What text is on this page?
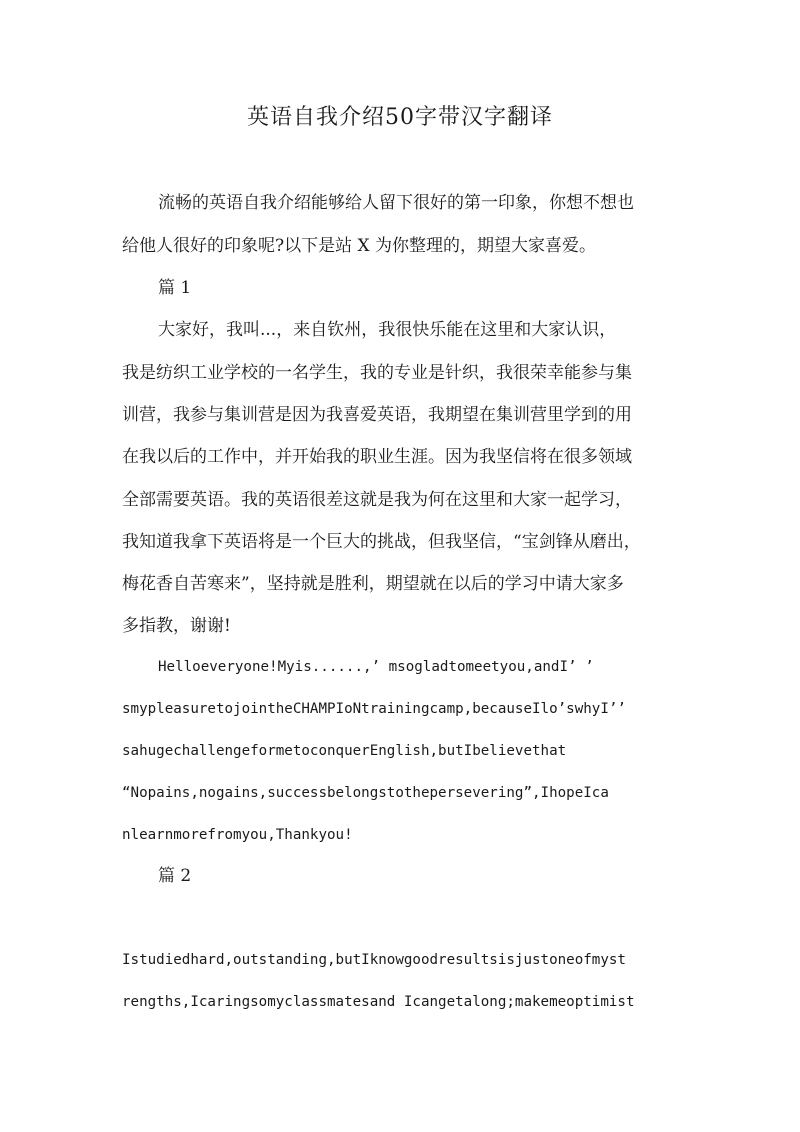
英语自我介绍50字带汉字翻译

流畅的英语自我介绍能够给人留下很好的第一印象，你想不想也

给他人很好的印象呢?以下是站 X 为你整理的，期望大家喜爱。

篇 1

大家好，我叫...，来自钦州，我很快乐能在这里和大家认识，

我是纺织工业学校的一名学生，我的专业是针织，我很荣幸能参与集

训营，我参与集训营是因为我喜爱英语，我期望在集训营里学到的用

在我以后的工作中，并开始我的职业生涯。因为我坚信将在很多领域

全部需要英语。我的英语很差这就是我为何在这里和大家一起学习，

我知道我拿下英语将是一个巨大的挑战，但我坚信，“宝剑锋从磨出，

梅花香自苦寒来”，坚持就是胜利，期望就在以后的学习中请大家多

多指教，谢谢!

Helloeveryone!Myis......,’ msogladtomeetyou,andI’ ’

smypleasuretojointheCHAMPIoNtrainingcamp,becauseIlo’swhyI’’

sahugechallengeformetoconquerEnglish,butIbelievethat

“Nopains,nogains,successbelongstothepersevering”,IhopeIca

nlearnmorefromyou,Thankyou!

篇 2

Istudiedhard,outstanding,butIknowgoodresultsisjustoneofmyst

rengths,Icaringsomyclassmatesand Icangetalong;makemeoptimist
